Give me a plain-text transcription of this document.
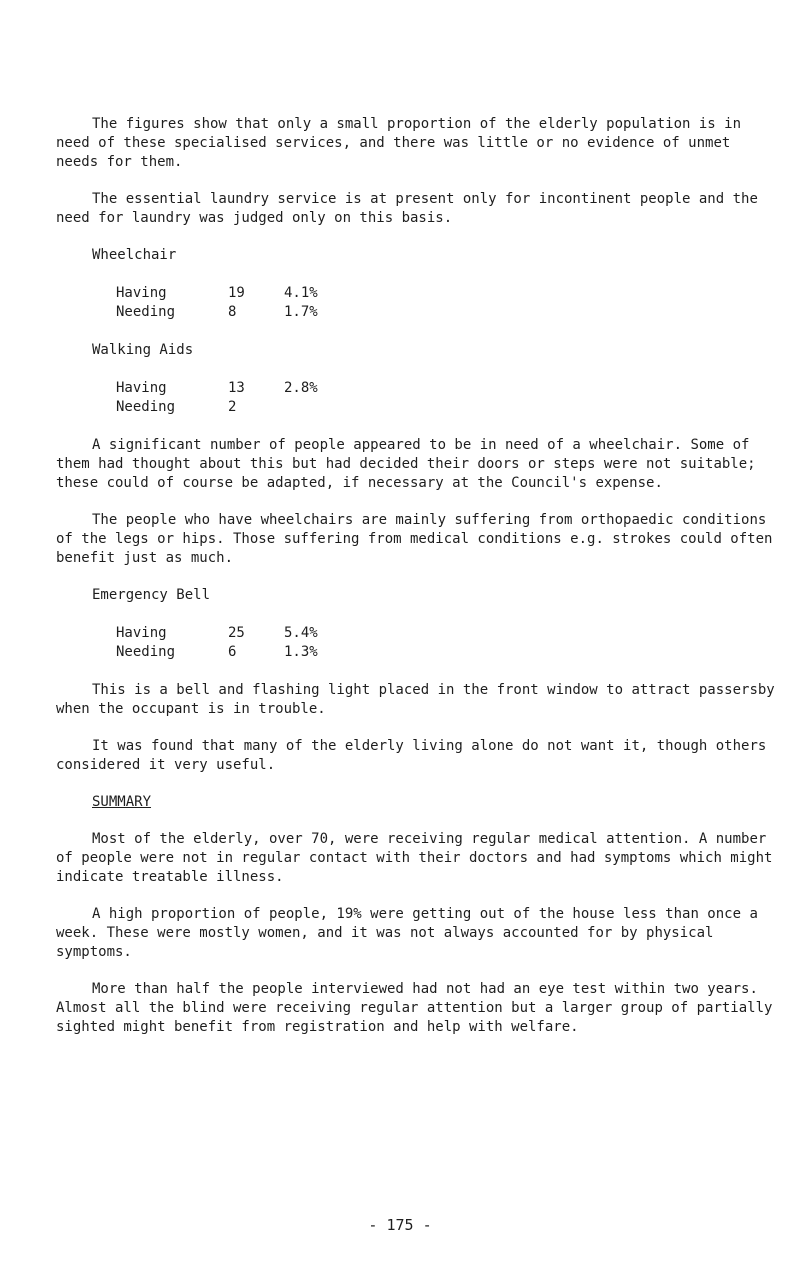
The figures show that only a small proportion of the elderly population is in need of these specialised services, and there was little or no evidence of unmet needs for them.

The essential laundry service is at present only for incontinent people and the need for laundry was judged only on this basis.

Wheelchair
Having	19	4.1%
Needing	8	1.7%
Walking Aids
Having	13	2.8%
Needing	2	

A significant number of people appeared to be in need of a wheelchair. Some of them had thought about this but had decided their doors or steps were not suitable; these could of course be adapted, if necessary at the Council's expense.

The people who have wheelchairs are mainly suffering from orthopaedic conditions of the legs or hips. Those suffering from medical conditions e.g. strokes could often benefit just as much.

Emergency Bell
Having	25	5.4%
Needing	6	1.3%

This is a bell and flashing light placed in the front window to attract passersby when the occupant is in trouble.

It was found that many of the elderly living alone do not want it, though others considered it very useful.

SUMMARY

Most of the elderly, over 70, were receiving regular medical attention. A number of people were not in regular contact with their doctors and had symptoms which might indicate treatable illness.

A high proportion of people, 19% were getting out of the house less than once a week. These were mostly women, and it was not always accounted for by physical symptoms.

More than half the people interviewed had not had an eye test within two years. Almost all the blind were receiving regular attention but a larger group of partially sighted might benefit from registration and help with welfare.

- 175 -
